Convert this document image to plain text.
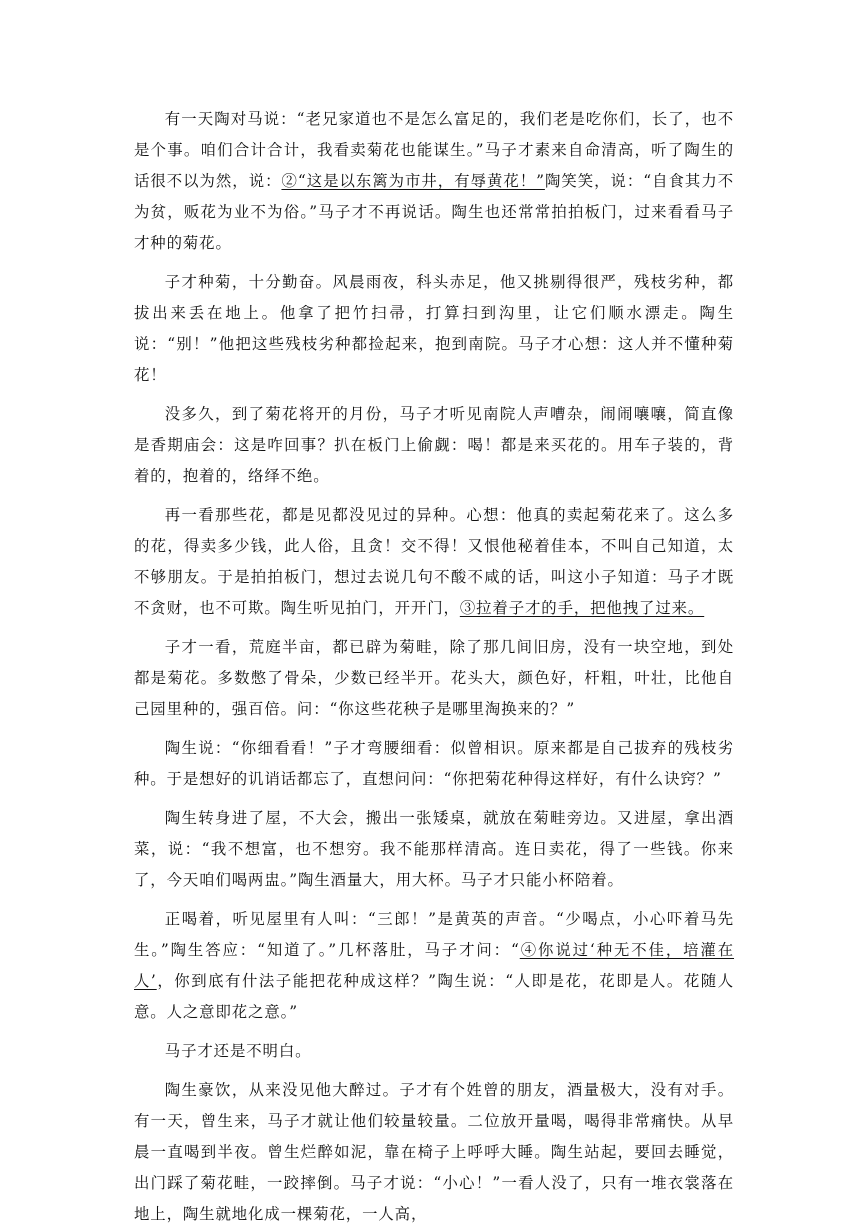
有一天陶对马说：“老兄家道也不是怎么富足的，我们老是吃你们，长了，也不是个事。咱们合计合计，我看卖菊花也能谋生。”马子才素来自命清高，听了陶生的话很不以为然，说：②“这是以东篱为市井，有辱黄花！”陶笑笑，说：“自食其力不为贫，贩花为业不为俗。”马子才不再说话。陶生也还常常拍拍板门，过来看看马子才种的菊花。

子才种菊，十分勤奋。风晨雨夜，科头赤足，他又挑剔得很严，残枝劣种，都拔出来丢在地上。他拿了把竹扫帚，打算扫到沟里，让它们顺水漂走。陶生说：“别！”他把这些残枝劣种都捡起来，抱到南院。马子才心想：这人并不懂种菊花！

没多久，到了菊花将开的月份，马子才听见南院人声嘈杂，闹闹嚷嚷，简直像是香期庙会：这是咋回事？扒在板门上偷觑：喝！都是来买花的。用车子装的，背着的，抱着的，络绎不绝。

再一看那些花，都是见都没见过的异种。心想：他真的卖起菊花来了。这么多的花，得卖多少钱，此人俗，且贪！交不得！又恨他秘着佳本，不叫自己知道，太不够朋友。于是拍拍板门，想过去说几句不酸不咸的话，叫这小子知道：马子才既不贪财，也不可欺。陶生听见拍门，开开门，③拉着子才的手，把他拽了过来。

子才一看，荒庭半亩，都已辟为菊畦，除了那几间旧房，没有一块空地，到处都是菊花。多数憋了骨朵，少数已经半开。花头大，颜色好，杆粗，叶壮，比他自己园里种的，强百倍。问：“你这些花秧子是哪里淘换来的？”

陶生说：“你细看看！”子才弯腰细看：似曾相识。原来都是自己拔弃的残枝劣种。于是想好的讥诮话都忘了，直想问问：“你把菊花种得这样好，有什么诀窍？”

陶生转身进了屋，不大会，搬出一张矮桌，就放在菊畦旁边。又进屋，拿出酒菜，说：“我不想富，也不想穷。我不能那样清高。连日卖花，得了一些钱。你来了，今天咱们喝两盅。”陶生酒量大，用大杯。马子才只能小杯陪着。

正喝着，听见屋里有人叫：“三郎！”是黄英的声音。“少喝点，小心吓着马先生。”陶生答应：“知道了。”几杯落肚，马子才问：“④你说过‘种无不佳，培灌在人’，你到底有什法子能把花种成这样？”陶生说：“人即是花，花即是人。花随人意。人之意即花之意。”

马子才还是不明白。

陶生豪饮，从来没见他大醉过。子才有个姓曾的朋友，酒量极大，没有对手。有一天，曾生来，马子才就让他们较量较量。二位放开量喝，喝得非常痛快。从早晨一直喝到半夜。曾生烂醉如泥，靠在椅子上呼呼大睡。陶生站起，要回去睡觉，出门踩了菊花畦，一跤摔倒。马子才说：“小心！”一看人没了，只有一堆衣裳落在地上，陶生就地化成一棵菊花，一人高，
